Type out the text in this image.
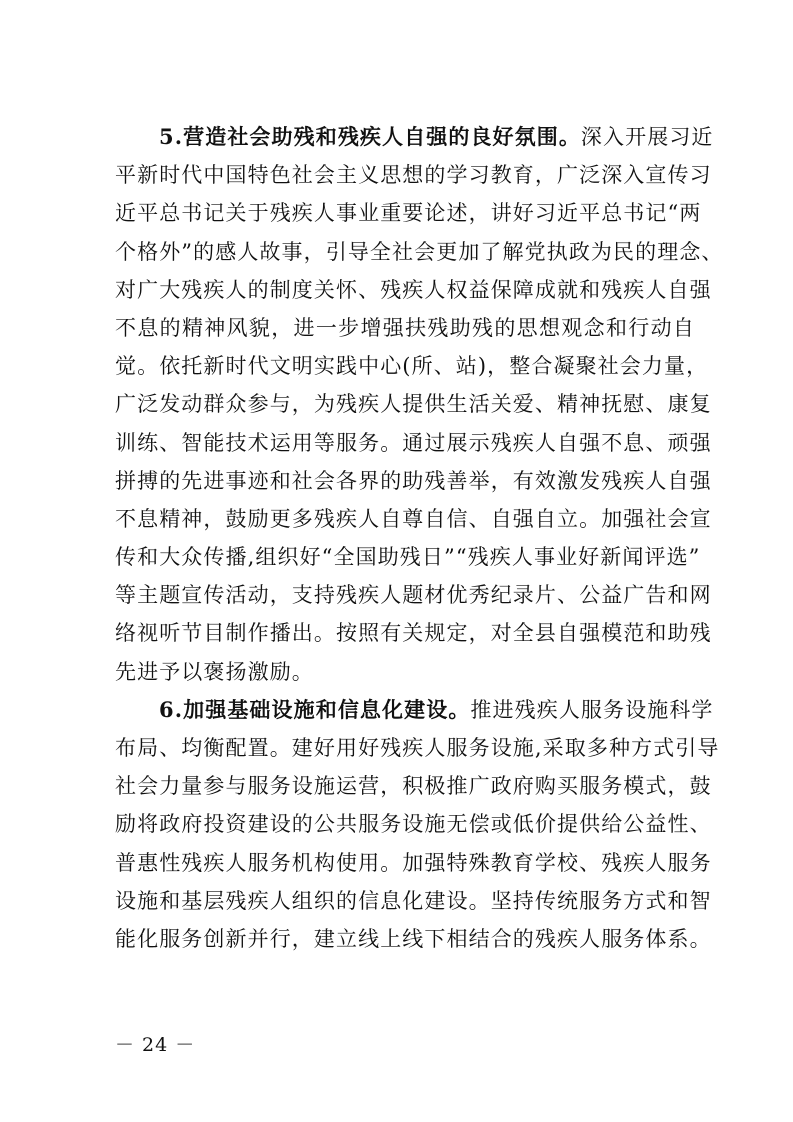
5.营造社会助残和残疾人自强的良好氛围。深入开展习近
平新时代中国特色社会主义思想的学习教育，广泛深入宣传习
近平总书记关于残疾人事业重要论述，讲好习近平总书记“两
个格外”的感人故事，引导全社会更加了解党执政为民的理念、
对广大残疾人的制度关怀、残疾人权益保障成就和残疾人自强
不息的精神风貌，进一步增强扶残助残的思想观念和行动自
觉。依托新时代文明实践中心(所、站)，整合凝聚社会力量，
广泛发动群众参与，为残疾人提供生活关爱、精神抚慰、康复
训练、智能技术运用等服务。通过展示残疾人自强不息、顽强
拼搏的先进事迹和社会各界的助残善举，有效激发残疾人自强
不息精神，鼓励更多残疾人自尊自信、自强自立。加强社会宣
传和大众传播,组织好“全国助残日”“残疾人事业好新闻评选”
等主题宣传活动，支持残疾人题材优秀纪录片、公益广告和网
络视听节目制作播出。按照有关规定，对全县自强模范和助残
先进予以褒扬激励。
6.加强基础设施和信息化建设。推进残疾人服务设施科学
布局、均衡配置。建好用好残疾人服务设施,采取多种方式引导
社会力量参与服务设施运营，积极推广政府购买服务模式，鼓
励将政府投资建设的公共服务设施无偿或低价提供给公益性、
普惠性残疾人服务机构使用。加强特殊教育学校、残疾人服务
设施和基层残疾人组织的信息化建设。坚持传统服务方式和智
能化服务创新并行，建立线上线下相结合的残疾人服务体系。
－ 24 －
